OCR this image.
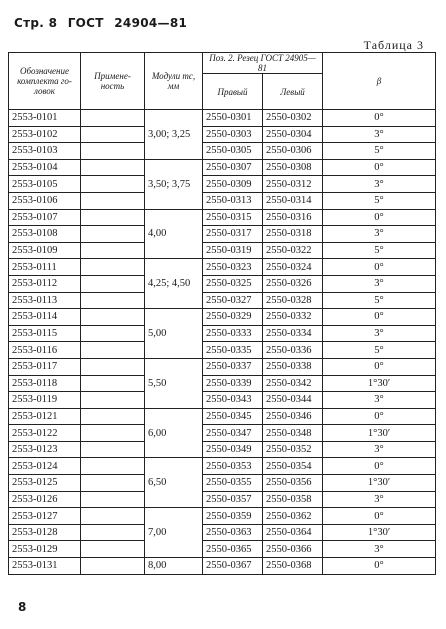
Стр. 8 ГОСТ 24904—81
Таблица 3
Обозначение комплекта го-ловок	Примене-ность	Модули mс, мм	Поз. 2. Резец ГОСТ 24905—81		β
			Правый	Левый	
2553-0101		3,00; 3,25	2550-0301	2550-0302	0°
2553-0102			2550-0303	2550-0304	3°
2553-0103			2550-0305	2550-0306	5°
2553-0104		3,50; 3,75	2550-0307	2550-0308	0°
2553-0105			2550-0309	2550-0312	3°
2553-0106			2550-0313	2550-0314	5°
2553-0107		4,00	2550-0315	2550-0316	0°
2553-0108			2550-0317	2550-0318	3°
2553-0109			2550-0319	2550-0322	5°
2553-0111		4,25; 4,50	2550-0323	2550-0324	0°
2553-0112			2550-0325	2550-0326	3°
2553-0113			2550-0327	2550-0328	5°
2553-0114		5,00	2550-0329	2550-0332	0°
2553-0115			2550-0333	2550-0334	3°
2553-0116			2550-0335	2550-0336	5°
2553-0117		5,50	2550-0337	2550-0338	0°
2553-0118			2550-0339	2550-0342	1°30′
2553-0119			2550-0343	2550-0344	3°
2553-0121		6,00	2550-0345	2550-0346	0°
2553-0122			2550-0347	2550-0348	1°30′
2553-0123			2550-0349	2550-0352	3°
2553-0124		6,50	2550-0353	2550-0354	0°
2553-0125			2550-0355	2550-0356	1°30′
2553-0126			2550-0357	2550-0358	3°
2553-0127		7,00	2550-0359	2550-0362	0°
2553-0128			2550-0363	2550-0364	1°30′
2553-0129			2550-0365	2550-0366	3°
2553-0131		8,00	2550-0367	2550-0368	0°
8
